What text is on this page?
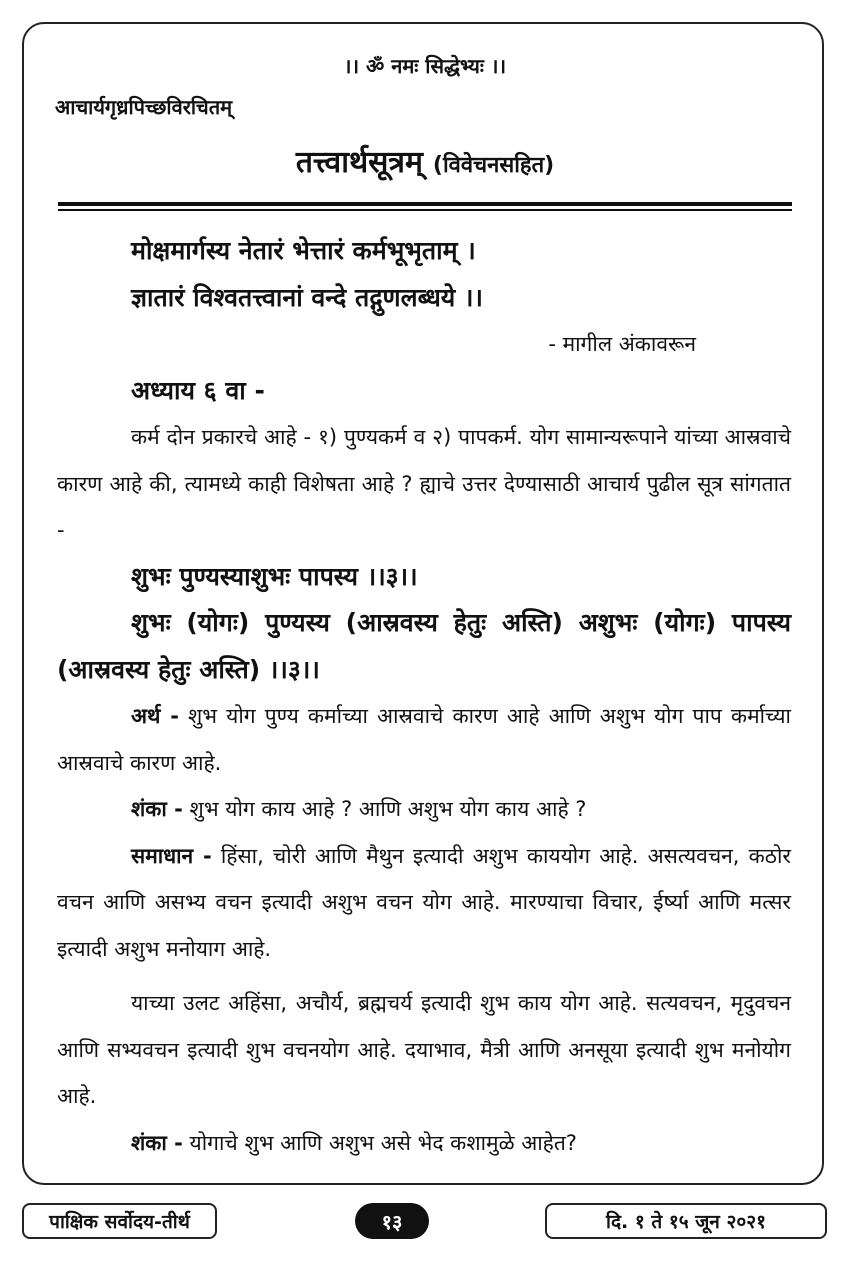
।। ॐ नमः सिद्धेभ्यः ।।
आचार्यगृध्रपिच्छविरचितम्
तत्त्वार्थसूत्रम् (विवेचनसहित)

मोक्षमार्गस्य नेतारं भेत्तारं कर्मभूभृताम् ।

ज्ञातारं विश्वतत्त्वानां वन्दे तद्गुणलब्धये ।।

- मागील अंकावरून

अध्याय ६ वा -

कर्म दोन प्रकारचे आहे - १) पुण्यकर्म व २) पापकर्म. योग सामान्यरूपाने यांच्या आस्रवाचे कारण आहे की, त्यामध्ये काही विशेषता आहे ? ह्याचे उत्तर देण्यासाठी आचार्य पुढील सूत्र सांगतात -

शुभः पुण्यस्याशुभः पापस्य ।।३।।

शुभः (योगः) पुण्यस्य (आस्रवस्य हेतुः अस्ति) अशुभः (योगः) पापस्य (आस्रवस्य हेतुः अस्ति) ।।३।।

अर्थ - शुभ योग पुण्य कर्माच्या आस्रवाचे कारण आहे आणि अशुभ योग पाप कर्माच्या आस्रवाचे कारण आहे.

शंका - शुभ योग काय आहे ? आणि अशुभ योग काय आहे ?

समाधान - हिंसा, चोरी आणि मैथुन इत्यादी अशुभ काययोग आहे. असत्यवचन, कठोर वचन आणि असभ्य वचन इत्यादी अशुभ वचन योग आहे. मारण्याचा विचार, ईर्ष्या आणि मत्सर इत्यादी अशुभ मनोयाग आहे.

याच्या उलट अहिंसा, अचौर्य, ब्रह्मचर्य इत्यादी शुभ काय योग आहे. सत्यवचन, मृदुवचन आणि सभ्यवचन इत्यादी शुभ वचनयोग आहे. दयाभाव, मैत्री आणि अनसूया इत्यादी शुभ मनोयोग आहे.

शंका - योगाचे शुभ आणि अशुभ असे भेद कशामुळे आहेत?

पाक्षिक सर्वोदय-तीर्थ	१३	दि. १ ते १५ जून २०२१
